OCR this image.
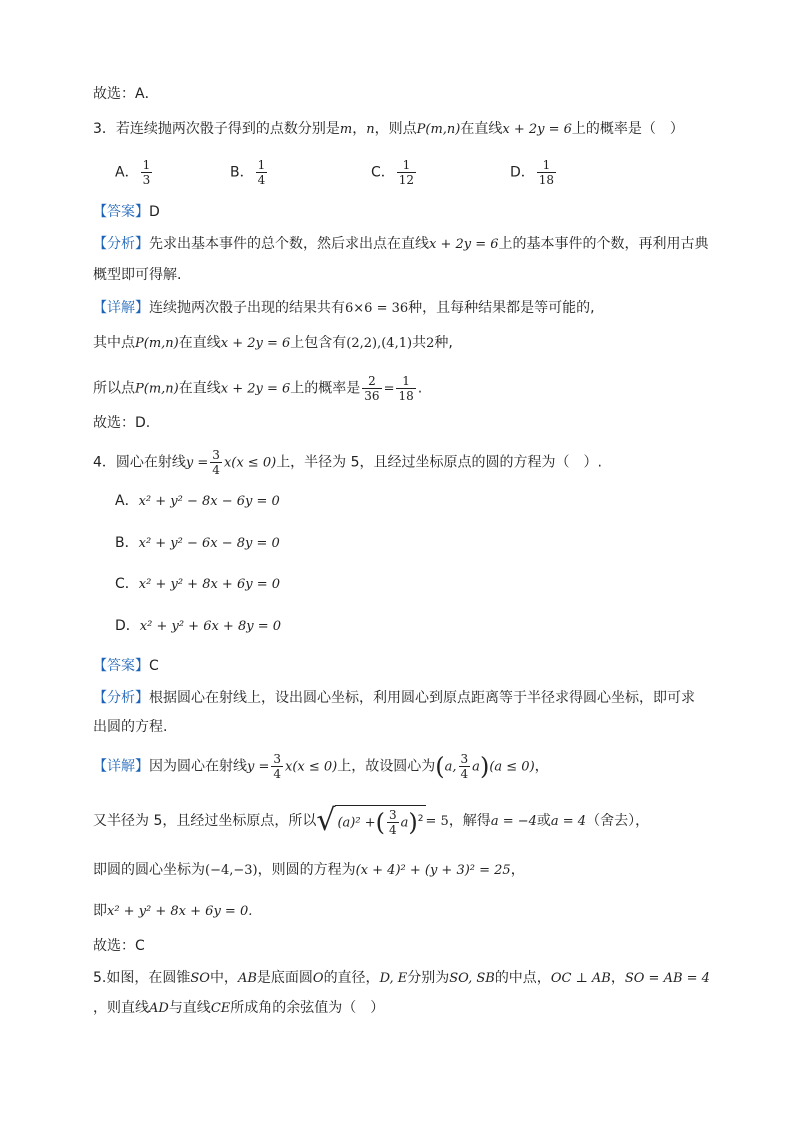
故选：A．
3．若连续抛两次骰子得到的点数分别是m，n，则点P(m,n)在直线x + 2y = 6上的概率是（　）
A． $\frac{1}{3}$	B． $\frac{1}{4}$	C． $\frac{1}{12}$	D． $\frac{1}{18}$
【答案】D
【分析】先求出基本事件的总个数，然后求出点在直线x + 2y = 6上的基本事件的个数，再利用古典
概型即可得解.
【详解】连续抛两次骰子出现的结果共有6×6 = 36种，且每种结果都是等可能的,
其中点P(m,n)在直线x + 2y = 6上包含有(2,2),(4,1)共2种,
所以点P(m,n)在直线x + 2y = 6上的概率是 $\frac{2}{36} = \frac{1}{18}$ .
故选：D.
4．圆心在射线$y = \frac{3}{4} x(x \le 0)$上，半径为 5，且经过坐标原点的圆的方程为（　）.
A．x² + y² − 8x − 6y = 0
B．x² + y² − 6x − 8y = 0
C．x² + y² + 8x + 6y = 0
D．x² + y² + 6x + 8y = 0
【答案】C
【分析】根据圆心在射线上，设出圆心坐标，利用圆心到原点距离等于半径求得圆心坐标，即可求
出圆的方程.
【详解】因为圆心在射线$y = \frac{3}{4} x(x \le 0)$上，故设圆心为(a, $\frac{3}{4} a)(a \le 0)$，
又半径为 5，且经过坐标原点，所以√ (a)² +( $\frac{3}{4} a)^2 = 5$，解得a = −4或a = 4（舍去），
即圆的圆心坐标为(−4,−3)，则圆的方程为(x + 4)² + (y + 3)² = 25，
即x² + y² + 8x + 6y = 0.
故选：C
5.如图，在圆锥SO中，AB是底面圆O的直径，D, E分别为SO, SB的中点，OC ⊥ AB，SO = AB = 4
，则直线AD与直线CE所成角的余弦值为（　）
